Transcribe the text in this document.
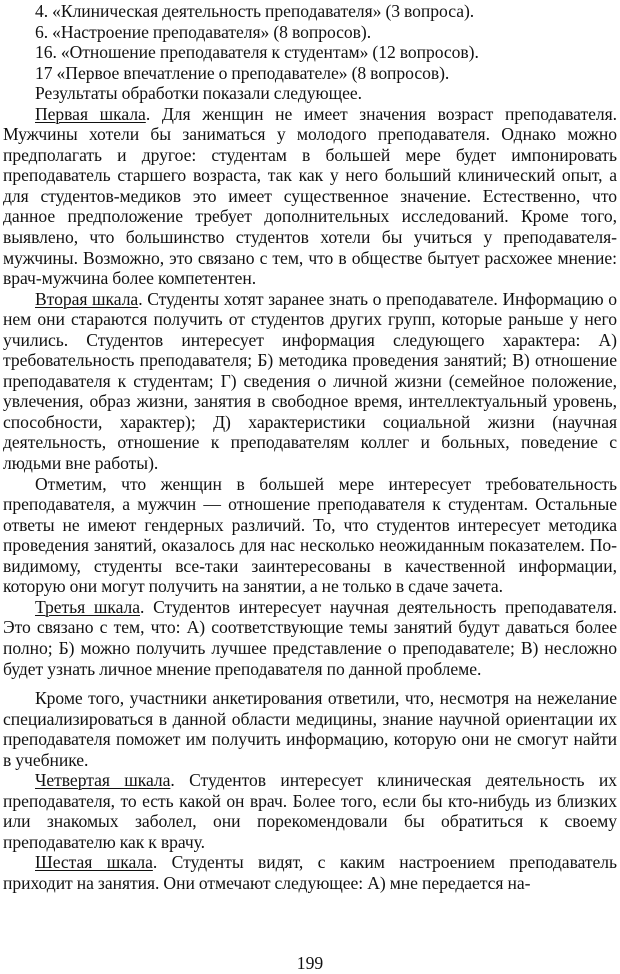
4. «Клиническая деятельность преподавателя» (3 вопроса).

6. «Настроение преподавателя» (8 вопросов).

16. «Отношение преподавателя к студентам» (12 вопросов).

17 «Первое впечатление о преподавателе» (8 вопросов).

Результаты обработки показали следующее.

Первая шкала. Для женщин не имеет значения возраст преподавателя. Мужчины хотели бы заниматься у молодого преподавателя. Однако можно предполагать и другое: студентам в большей мере будет импонировать преподаватель старшего возраста, так как у него больший клинический опыт, а для студентов-медиков это имеет существенное значение. Естественно, что данное предположение требует дополнительных исследований. Кроме того, выявлено, что большинство студентов хотели бы учиться у преподавателя-мужчины. Возможно, это связано с тем, что в обществе бытует расхожее мнение: врач-мужчина более компетентен.

Вторая шкала. Студенты хотят заранее знать о преподавателе. Информацию о нем они стараются получить от студентов других групп, которые раньше у него учились. Студентов интересует информация следующего характера: А) требовательность преподавателя; Б) методика проведения занятий; В) отношение преподавателя к студентам; Г) сведения о личной жизни (семейное положение, увлечения, образ жизни, занятия в свободное время, интеллектуальный уровень, способности, характер); Д) характеристики социальной жизни (научная деятельность, отношение к преподавателям коллег и больных, поведение с людьми вне работы).

Отметим, что женщин в большей мере интересует требовательность преподавателя, а мужчин — отношение преподавателя к студентам. Остальные ответы не имеют гендерных различий. То, что студентов интересует методика проведения занятий, оказалось для нас несколько неожиданным показателем. По-видимому, студенты все-таки заинтересованы в качественной информации, которую они могут получить на занятии, а не только в сдаче зачета.

Третья шкала. Студентов интересует научная деятельность преподавателя. Это связано с тем, что: А) соответствующие темы занятий будут даваться более полно; Б) можно получить лучшее представление о преподавателе; В) несложно будет узнать личное мнение преподавателя по данной проблеме.

Кроме того, участники анкетирования ответили, что, несмотря на нежелание специализироваться в данной области медицины, знание научной ориентации их преподавателя поможет им получить информацию, которую они не смогут найти в учебнике.

Четвертая шкала. Студентов интересует клиническая деятельность их преподавателя, то есть какой он врач. Более того, если бы кто-нибудь из близких или знакомых заболел, они порекомендовали бы обратиться к своему преподавателю как к врачу.

Шестая шкала. Студенты видят, с каким настроением преподаватель приходит на занятия. Они отмечают следующее: А) мне передается на-

199
